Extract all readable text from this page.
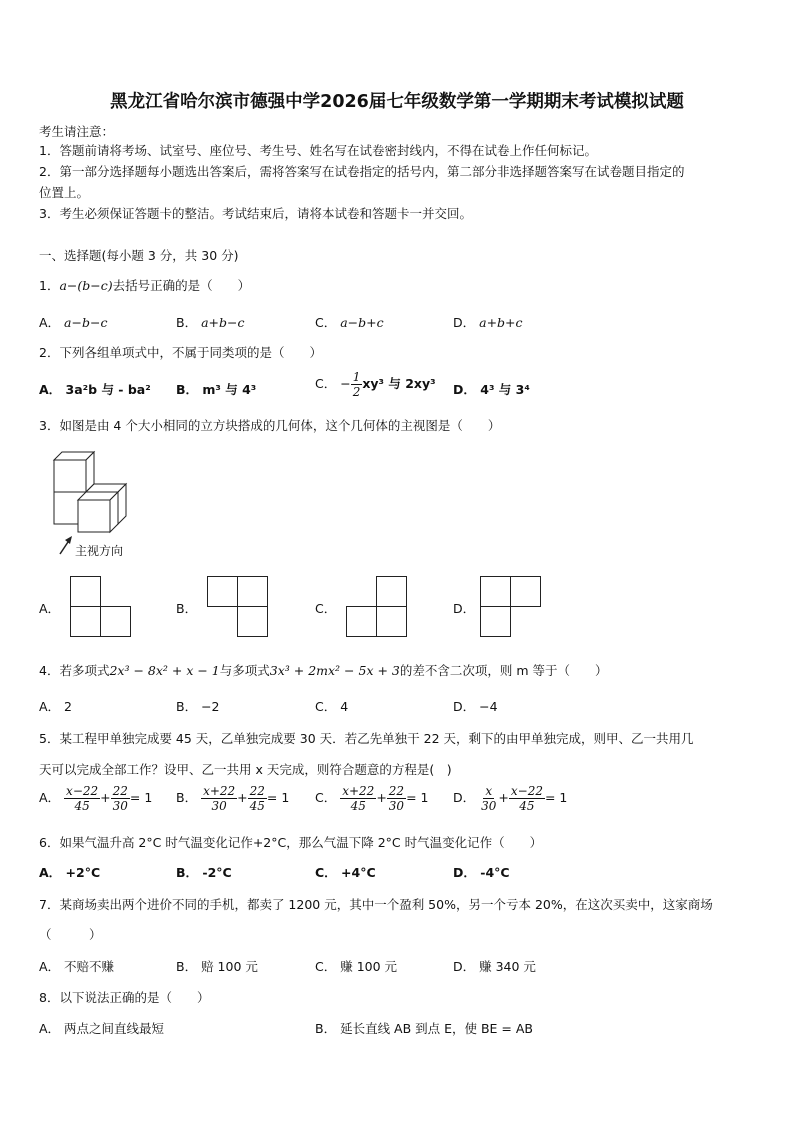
黑龙江省哈尔滨市德强中学2026届七年级数学第一学期期末考试模拟试题
考生请注意：
1．答题前请将考场、试室号、座位号、考生号、姓名写在试卷密封线内，不得在试卷上作任何标记。
2．第一部分选择题每小题选出答案后，需将答案写在试卷指定的括号内，第二部分非选择题答案写在试卷题目指定的
位置上。
3．考生必须保证答题卡的整洁。考试结束后，请将本试卷和答题卡一并交回。
一、选择题(每小题 3 分，共 30 分)
1．a−(b−c)去括号正确的是（　　）
A． a−b−c	B． a+b−c	C． a−b+c	D． a+b+c
2．下列各组单项式中，不属于同类项的是（　　）
A． 3a²b 与 - ba² B． m³ 与 4³	C． − $\frac{1}{2} xy^3$ 与 2xy³ D． 4³ 与 3⁴
3．如图是由 4 个大小相同的立方块搭成的几何体，这个几何体的主视图是（　　）
主视方向
A．	B．	C．	D．
4．若多项式2x³ − 8x² + x − 1与多项式3x³ + 2mx² − 5x + 3的差不含二次项，则 m 等于（　　）
A． 2	B． −2	C． 4	D． −4
5．某工程甲单独完成要 45 天，乙单独完成要 30 天．若乙先单独干 22 天，剩下的由甲单独完成，则甲、乙一共用几
天可以完成全部工作？设甲、乙一共用 x 天完成，则符合题意的方程是(　)
A． $\frac{x-22}{45} + \frac{22}{30} = 1$ B． $\frac{x+22}{30} + \frac{22}{45} = 1$ C． $\frac{x+22}{45} + \frac{22}{30} = 1$ D． $\frac{x}{30} + \frac{x-22}{45} = 1$
6．如果气温升高 2°C 时气温变化记作+2°C，那么气温下降 2°C 时气温变化记作（　　）
A． +2°C	B． -2°C	C． +4°C	D． -4°C
7．某商场卖出两个进价不同的手机，都卖了 1200 元，其中一个盈利 50%，另一个亏本 20%，在这次买卖中，这家商场
（　　　）
A． 不赔不赚	B． 赔 100 元	C． 赚 100 元	D． 赚 340 元
8．以下说法正确的是（　　）
A． 两点之间直线最短	B． 延长直线 AB 到点 E，使 BE = AB
